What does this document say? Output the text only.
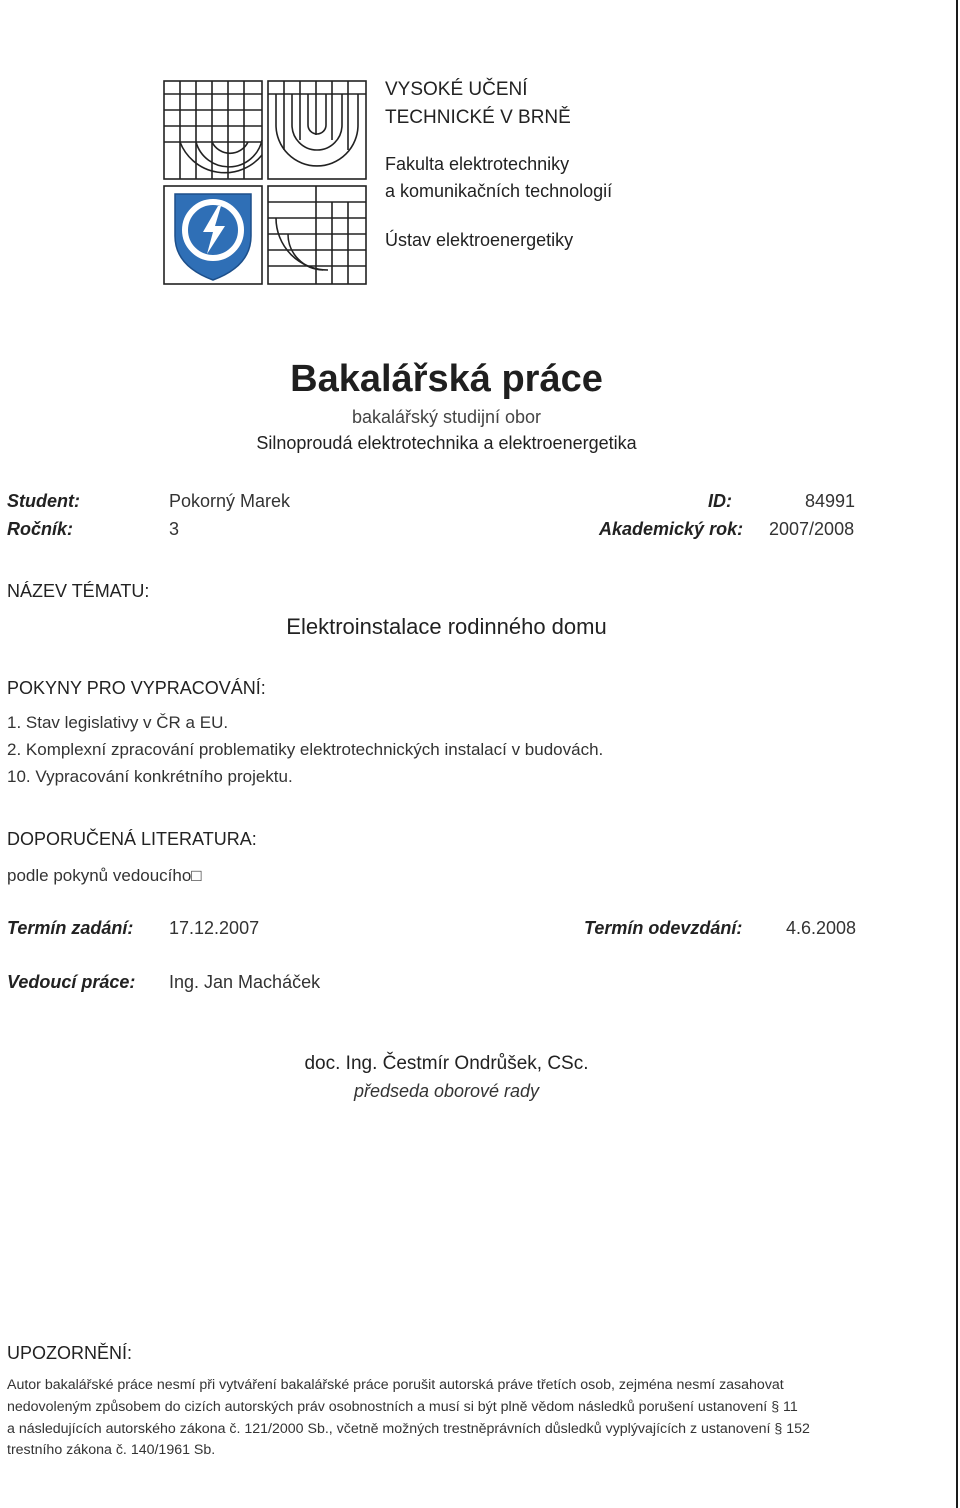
VYSOKÉ UČENÍ
TECHNICKÉ V BRNĚ
Fakulta elektrotechniky
a komunikačních technologií
Ústav elektroenergetiky
Bakalářská práce
bakalářský studijní obor
Silnoproudá elektrotechnika a elektroenergetika
Student:	Pokorný Marek	ID:	84991
Ročník:	3	Akademický rok: 2007/2008
NÁZEV TÉMATU:
Elektroinstalace rodinného domu
POKYNY PRO VYPRACOVÁNÍ:
1. Stav legislativy v ČR a EU.
2. Komplexní zpracování problematiky elektrotechnických instalací v budovách.
10. Vypracování konkrétního projektu.
DOPORUČENÁ LITERATURA:
podle pokynů vedoucího□
Termín zadání: 17.12.2007	Termín odevzdání: 4.6.2008
Vedoucí práce: Ing. Jan Macháček
doc. Ing. Čestmír Ondrůšek, CSc.
předseda oborové rady
UPOZORNĚNÍ:
Autor bakalářské práce nesmí při vytváření bakalářské práce porušit autorská práve třetích osob, zejména nesmí zasahovat
nedovoleným způsobem do cizích autorských práv osobnostních a musí si být plně vědom následků porušení ustanovení § 11
a následujících autorského zákona č. 121/2000 Sb., včetně možných trestněprávních důsledků vyplývajících z ustanovení § 152
trestního zákona č. 140/1961 Sb.
